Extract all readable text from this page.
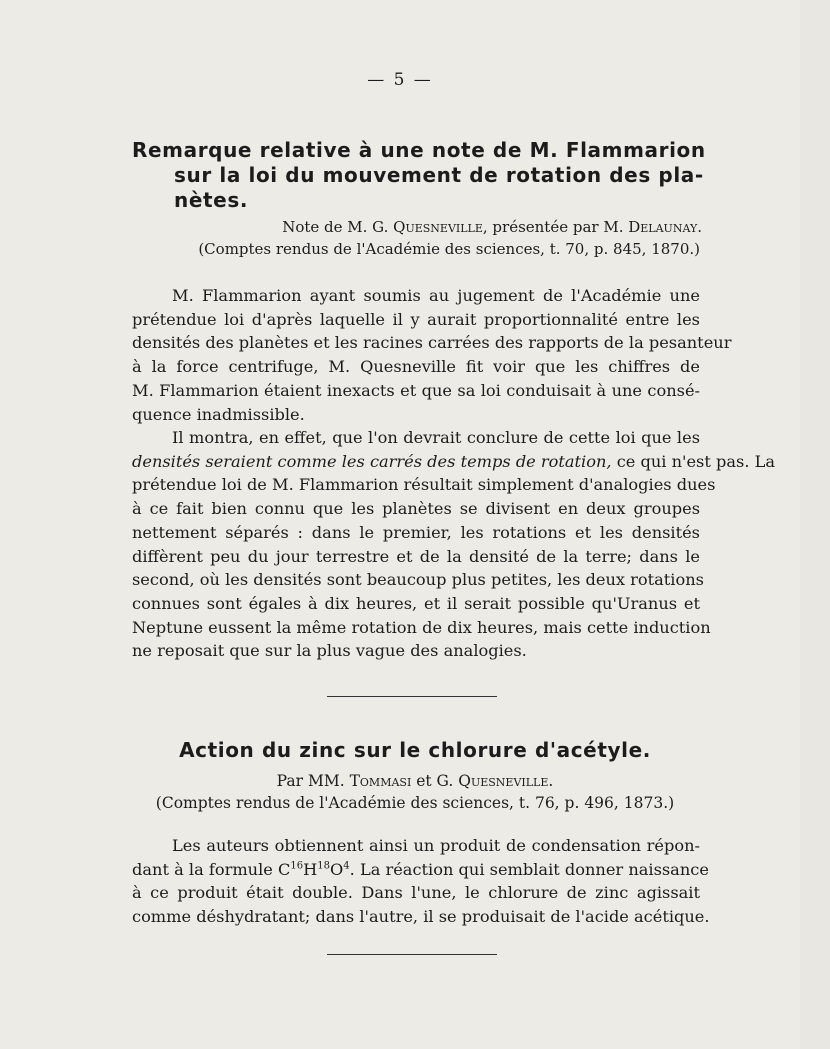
— 5 —
Remarque relative à une note de M. Flammarion
sur la loi du mouvement de rotation des pla-
nètes.
Note de M. G. Quesneville, présentée par M. Delaunay.
(Comptes rendus de l'Académie des sciences, t. 70, p. 845, 1870.)
M. Flammarion ayant soumis au jugement de l'Académie une
prétendue loi d'après laquelle il y aurait proportionnalité entre les
densités des planètes et les racines carrées des rapports de la pesanteur
à la force centrifuge, M. Quesneville fit voir que les chiffres de
M. Flammarion étaient inexacts et que sa loi conduisait à une consé-
quence inadmissible.
Il montra, en effet, que l'on devrait conclure de cette loi que les
densités seraient comme les carrés des temps de rotation, ce qui n'est pas. La
prétendue loi de M. Flammarion résultait simplement d'analogies dues
à ce fait bien connu que les planètes se divisent en deux groupes
nettement séparés : dans le premier, les rotations et les densités
diffèrent peu du jour terrestre et de la densité de la terre; dans le
second, où les densités sont beaucoup plus petites, les deux rotations
connues sont égales à dix heures, et il serait possible qu'Uranus et
Neptune eussent la même rotation de dix heures, mais cette induction
ne reposait que sur la plus vague des analogies.
Action du zinc sur le chlorure d'acétyle.
Par MM. Tommasi et G. Quesneville.
(Comptes rendus de l'Académie des sciences, t. 76, p. 496, 1873.)
Les auteurs obtiennent ainsi un produit de condensation répon-
dant à la formule $C^{16}H^{18}O^4$. La réaction qui semblait donner naissance
à ce produit était double. Dans l'une, le chlorure de zinc agissait
comme déshydratant; dans l'autre, il se produisait de l'acide acétique.
